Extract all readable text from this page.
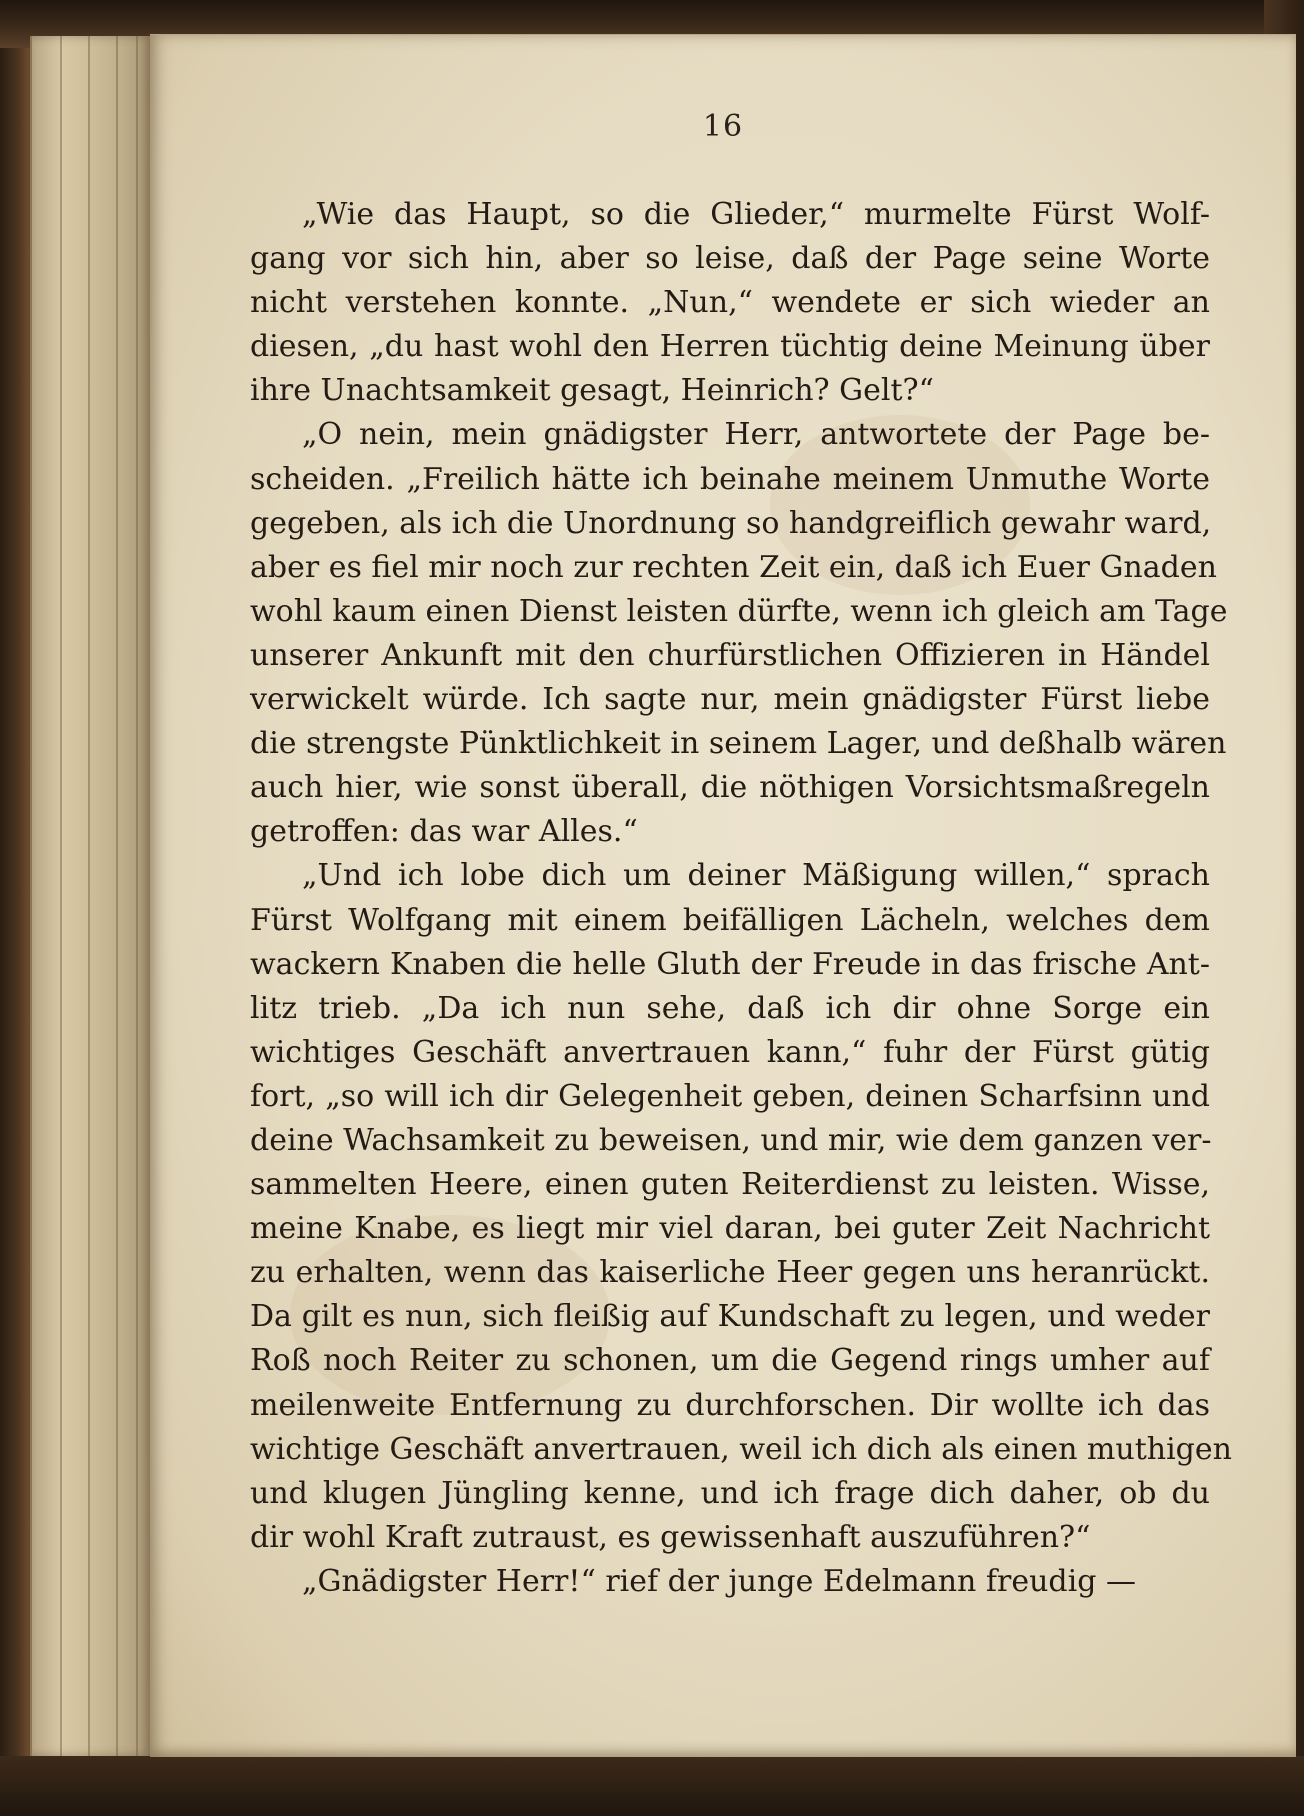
16
„Wie das Haupt, so die Glieder,“ murmelte Fürst Wolf-
gang vor sich hin, aber so leise, daß der Page seine Worte
nicht verstehen konnte. „Nun,“ wendete er sich wieder an
diesen, „du hast wohl den Herren tüchtig deine Meinung über
ihre Unachtsamkeit gesagt, Heinrich? Gelt?“
„O nein, mein gnädigster Herr, antwortete der Page be-
scheiden. „Freilich hätte ich beinahe meinem Unmuthe Worte
gegeben, als ich die Unordnung so handgreiflich gewahr ward,
aber es fiel mir noch zur rechten Zeit ein, daß ich Euer Gnaden
wohl kaum einen Dienst leisten dürfte, wenn ich gleich am Tage
unserer Ankunft mit den churfürstlichen Offizieren in Händel
verwickelt würde. Ich sagte nur, mein gnädigster Fürst liebe
die strengste Pünktlichkeit in seinem Lager, und deßhalb wären
auch hier, wie sonst überall, die nöthigen Vorsichtsmaßregeln
getroffen: das war Alles.“
„Und ich lobe dich um deiner Mäßigung willen,“ sprach
Fürst Wolfgang mit einem beifälligen Lächeln, welches dem
wackern Knaben die helle Gluth der Freude in das frische Ant-
litz trieb. „Da ich nun sehe, daß ich dir ohne Sorge ein
wichtiges Geschäft anvertrauen kann,“ fuhr der Fürst gütig
fort, „so will ich dir Gelegenheit geben, deinen Scharfsinn und
deine Wachsamkeit zu beweisen, und mir, wie dem ganzen ver-
sammelten Heere, einen guten Reiterdienst zu leisten. Wisse,
meine Knabe, es liegt mir viel daran, bei guter Zeit Nachricht
zu erhalten, wenn das kaiserliche Heer gegen uns heranrückt.
Da gilt es nun, sich fleißig auf Kundschaft zu legen, und weder
Roß noch Reiter zu schonen, um die Gegend rings umher auf
meilenweite Entfernung zu durchforschen. Dir wollte ich das
wichtige Geschäft anvertrauen, weil ich dich als einen muthigen
und klugen Jüngling kenne, und ich frage dich daher, ob du
dir wohl Kraft zutraust, es gewissenhaft auszuführen?“
„Gnädigster Herr!“ rief der junge Edelmann freudig —
